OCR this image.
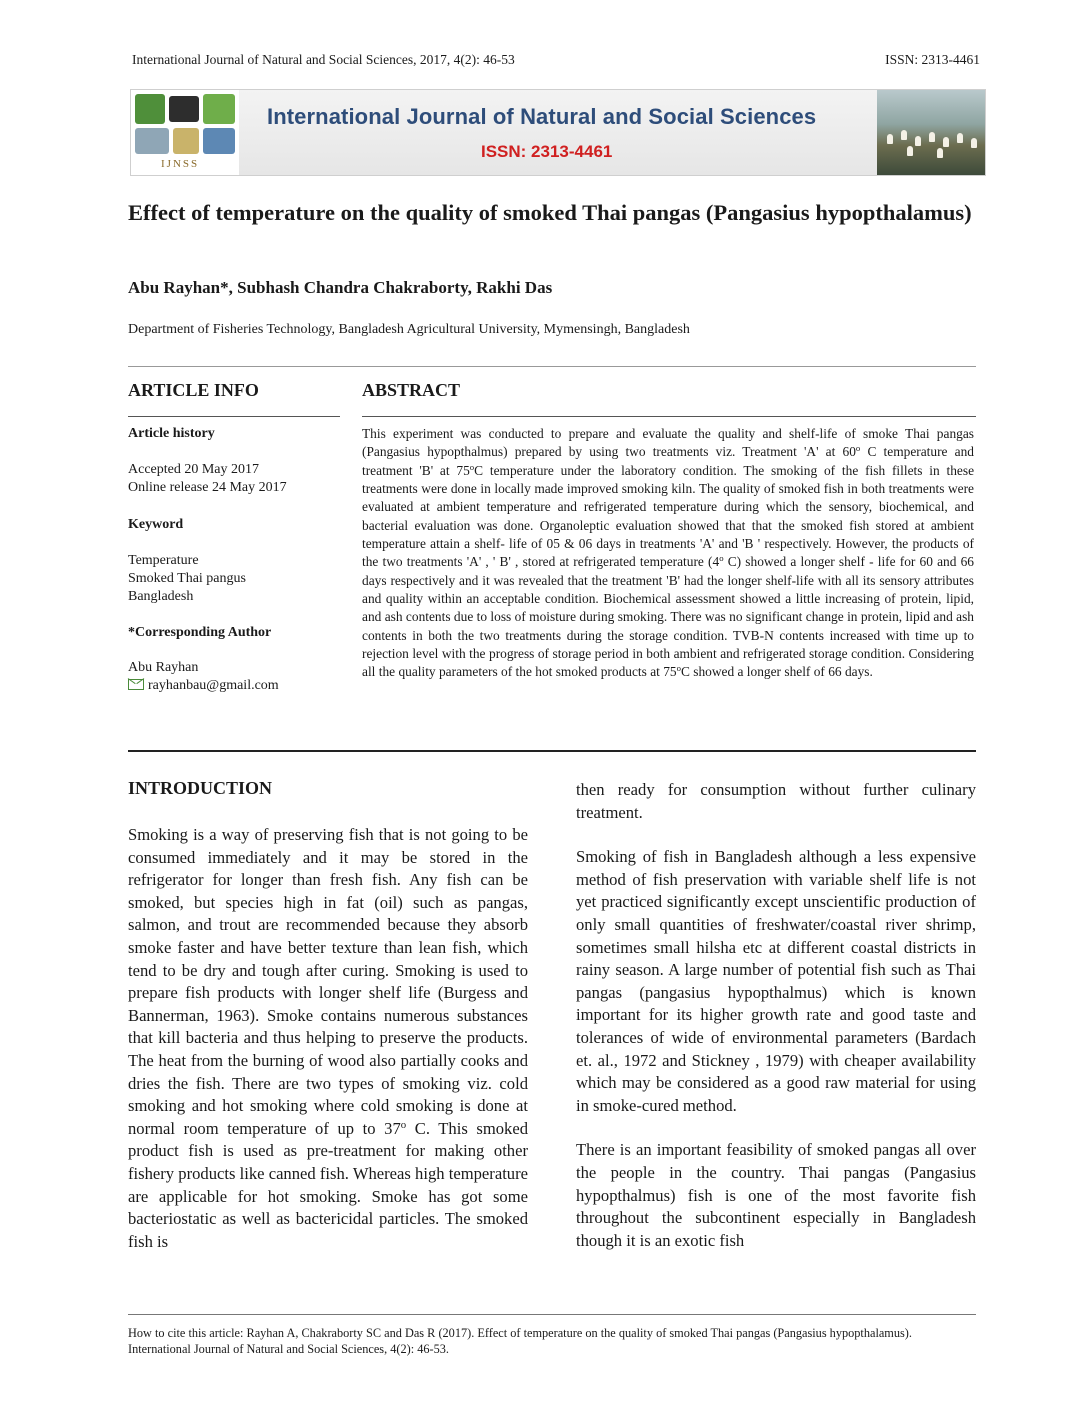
International Journal of Natural and Social Sciences, 2017, 4(2): 46-53	ISSN: 2313-4461
IJNSS
International Journal of Natural and Social Sciences
ISSN: 2313-4461
Effect of temperature on the quality of smoked Thai pangas (Pangasius hypopthalamus)
Abu Rayhan*, Subhash Chandra Chakraborty, Rakhi Das
Department of Fisheries Technology, Bangladesh Agricultural University, Mymensingh, Bangladesh
ARTICLE INFO	ABSTRACT
Article history
Accepted 20 May 2017
Online release 24 May 2017
Keyword
Temperature
Smoked Thai pangus
Bangladesh
*Corresponding Author
Abu Rayhan
rayhanbau@gmail.com
This experiment was conducted to prepare and evaluate the quality and shelf-life of smoke Thai pangas (Pangasius hypopthalmus) prepared by using two treatments viz. Treatment 'A' at 60$^o$ C temperature and treatment 'B' at 75$^o$C temperature under the laboratory condition. The smoking of the fish fillets in these treatments were done in locally made improved smoking kiln. The quality of smoked fish in both treatments were evaluated at ambient temperature and refrigerated temperature during which the sensory, biochemical, and bacterial evaluation was done. Organoleptic evaluation showed that that the smoked fish stored at ambient temperature attain a shelf- life of 05 & 06 days in treatments 'A' and 'B ' respectively. However, the products of the two treatments 'A' , ' B' , stored at refrigerated temperature (4$^o$ C) showed a longer shelf - life for 60 and 66 days respectively and it was revealed that the treatment 'B' had the longer shelf-life with all its sensory attributes and quality within an acceptable condition. Biochemical assessment showed a little increasing of protein, lipid, and ash contents due to loss of moisture during smoking. There was no significant change in protein, lipid and ash contents in both the two treatments during the storage condition. TVB-N contents increased with time up to rejection level with the progress of storage period in both ambient and refrigerated storage condition. Considering all the quality parameters of the hot smoked products at 75$^o$C showed a longer shelf of 66 days.
INTRODUCTION

Smoking is a way of preserving fish that is not going to be consumed immediately and it may be stored in the refrigerator for longer than fresh fish. Any fish can be smoked, but species high in fat (oil) such as pangas, salmon, and trout are recommended because they absorb smoke faster and have better texture than lean fish, which tend to be dry and tough after curing. Smoking is used to prepare fish products with longer shelf life (Burgess and Bannerman, 1963). Smoke contains numerous substances that kill bacteria and thus helping to preserve the products. The heat from the burning of wood also partially cooks and dries the fish. There are two types of smoking viz. cold smoking and hot smoking where cold smoking is done at normal room temperature of up to 37$^o$ C. This smoked product fish is used as pre-treatment for making other fishery products like canned fish. Whereas high temperature are applicable for hot smoking. Smoke has got some bacteriostatic as well as bactericidal particles. The smoked fish is

then ready for consumption without further culinary treatment.

Smoking of fish in Bangladesh although a less expensive method of fish preservation with variable shelf life is not yet practiced significantly except unscientific production of only small quantities of freshwater/coastal river shrimp, sometimes small hilsha etc at different coastal districts in rainy season. A large number of potential fish such as Thai pangas (pangasius hypopthalmus) which is known important for its higher growth rate and good taste and tolerances of wide of environmental parameters (Bardach et. al., 1972 and Stickney , 1979) with cheaper availability which may be considered as a good raw material for using in smoke-cured method.

There is an important feasibility of smoked pangas all over the people in the country. Thai pangas (Pangasius hypopthalmus) fish is one of the most favorite fish throughout the subcontinent especially in Bangladesh though it is an exotic fish

How to cite this article: Rayhan A, Chakraborty SC and Das R (2017). Effect of temperature on the quality of smoked Thai pangas (Pangasius hypopthalamus). International Journal of Natural and Social Sciences, 4(2): 46-53.
